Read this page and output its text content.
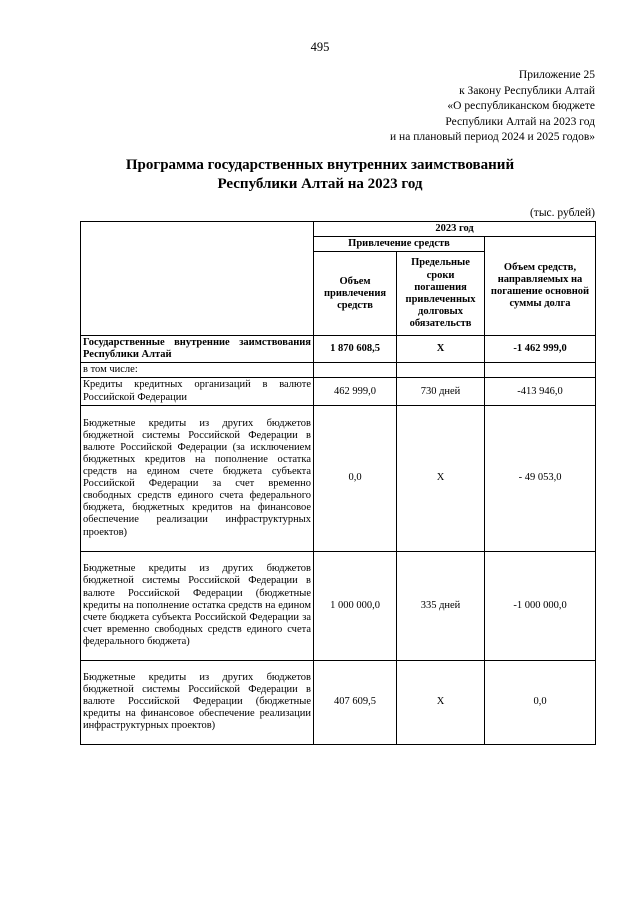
495
Приложение 25
к Закону Республики Алтай
«О республиканском бюджете
Республики Алтай на 2023 год
и на плановый период 2024 и 2025 годов»
Программа государственных внутренних заимствований
Республики Алтай на 2023 год
(тыс. рублей)
	2023 год		
	Привлечение средств		Объем средств, направляемых на погашение основной суммы долга
	Объем привлечения средств	Предельные сроки погашения привлеченных долговых обязательств	
Государственные внутренние заимствования Республики Алтай	1 870 608,5	X	-1 462 999,0
в том числе:			
Кредиты кредитных организаций в валюте Российской Федерации	462 999,0	730 дней	-413 946,0
Бюджетные кредиты из других бюджетов бюджетной системы Российской Федерации в валюте Российской Федерации (за исключением бюджетных кредитов на пополнение остатка средств на едином счете бюджета субъекта Российской Федерации за счет временно свободных средств единого счета федерального бюджета, бюджетных кредитов на финансовое обеспечение реализации инфраструктурных проектов)	0,0	X	- 49 053,0
Бюджетные кредиты из других бюджетов бюджетной системы Российской Федерации в валюте Российской Федерации (бюджетные кредиты на пополнение остатка средств на едином счете бюджета субъекта Российской Федерации за счет временно свободных средств единого счета федерального бюджета)	1 000 000,0	335 дней	-1 000 000,0
Бюджетные кредиты из других бюджетов бюджетной системы Российской Федерации в валюте Российской Федерации (бюджетные кредиты на финансовое обеспечение реализации инфраструктурных проектов)	407 609,5	X	0,0
